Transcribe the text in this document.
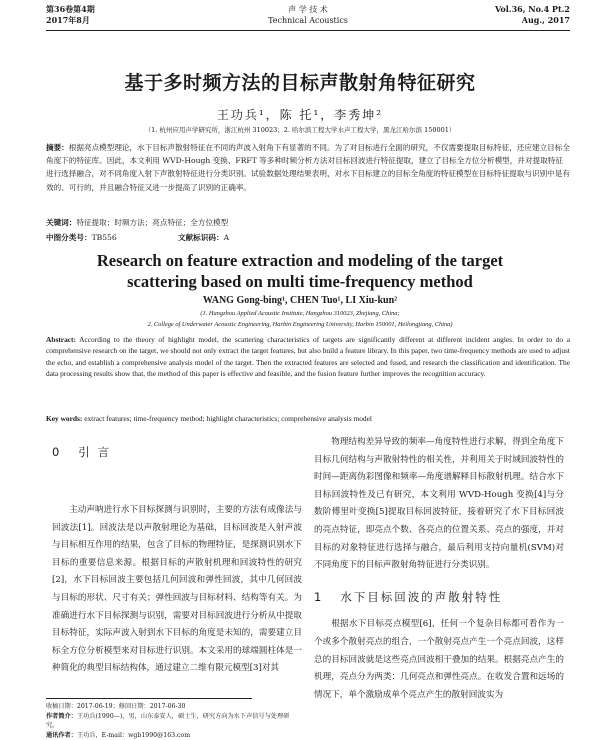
第36卷第4期
2017年8月
声 学 技 术
Technical Acoustics
Vol.36, No.4 Pt.2
Aug., 2017
基于多时频方法的目标声散射角特征研究
王功兵¹，陈 托¹，李秀坤²
（1. 杭州应用声学研究所，浙江杭州 310023；2. 哈尔滨工程大学水声工程大学，黑龙江哈尔滨 150001）
摘要：根据亮点模型理论，水下目标声散射特征在不同的声波入射角下有显著的不同。为了对目标进行全面的研究，不仅需要提取目标特征，还应建立目标全角度下的特征库。因此，本文利用 WVD-Hough 变换、FRFT 等多种时频分析方法对目标回波进行特征提取，建立了目标全方位分析模型，并对提取特征进行选择融合，对不同角度入射下声散射特征进行分类识别。试验数据处理结果表明，对水下目标建立的目标全角度的特征模型在目标特征提取与识别中是有效的、可行的，并且融合特征又进一步提高了识别的正确率。
关键词：特征提取；时频方法；亮点特征；全方位模型
中图分类号：TB556	文献标识码：A
Research on feature extraction and modeling of the target scattering based on multi time-frequency method
WANG Gong-bing¹, CHEN Tuo¹, LI Xiu-kun²
(1. Hangzhou Applied Acoustic Institute, Hangzhou 310023, Zhejiang, China;
2. College of Underwater Acoustic Engineering, Harbin Engineering University, Harbin 150001, Heilongjiang, China)
Abstract: According to the theory of highlight model, the scattering characteristics of targets are significantly different at different incident angles. In order to do a comprehensive research on the target, we should not only extract the target features, but also build a feature library. In this paper, two time-frequency methods are used to adjust the echo, and establish a comprehensive analysis model of the target. Then the extracted features are selected and fused, and research the classification and identification. The data processing results show that, the method of this paper is effective and feasible, and the fusion feature further improves the recognition accuracy.
Key words: extract features; time-frequency method; highlight characteristics; comprehensive analysis model
0 引 言

主动声呐进行水下目标探测与识别时，主要的方法有成像法与回波法[1]。回波法是以声散射理论为基础，目标回波是入射声波与目标相互作用的结果，包含了目标的物理特征，是探测识别水下目标的重要信息来源。根据目标的声散射机理和回波特性的研究[2]，水下目标回波主要包括几何回波和弹性回波，其中几何回波与目标的形状、尺寸有关；弹性回波与目标材料、结构等有关。为准确进行水下目标探测与识别，需要对目标回波进行分析从中提取目标特征，实际声波入射到水下目标的角度是未知的，需要建立目标全方位分析模型来对目标进行识别。本文采用的球端圆柱体是一种简化的典型目标结构体，通过建立二维有限元模型[3]对其

物理结构差异导致的频率—角度特性进行求解，得到全角度下目标几何结构与声散射特性的相关性，并利用关于时域回波特性的时间—距离伪彩图像和频率—角度谱解释目标散射机理。结合水下目标回波特性及已有研究，本文利用 WVD-Hough 变换[4]与分数阶傅里叶变换[5]提取目标回波特征，接着研究了水下目标回波的亮点特征，即亮点个数、各亮点的位置关系、亮点的强度，并对目标的对象特征进行选择与融合，最后利用支持向量机(SVM)对不同角度下的目标声散射角特征进行分类识别。

1 水下目标回波的声散射特性

根据水下目标亮点模型[6]，任何一个复杂目标都可看作为一个或多个散射亮点的组合，一个散射亮点产生一个亮点回波，这样总的目标回波就是这些亮点回波相干叠加的结果。根据亮点产生的机理，亮点分为两类：几何亮点和弹性亮点。在收发合置和远场的情况下，单个激励成单个亮点产生的散射回波实为

收稿日期：2017-06-19；修回日期：2017-06-30
作者简介：王功兵(1990—)，男，山东泰安人，硕士生，研究方向为水下声信号与处理研究。
通讯作者：王功兵，E-mail：wgb1990@163.com
